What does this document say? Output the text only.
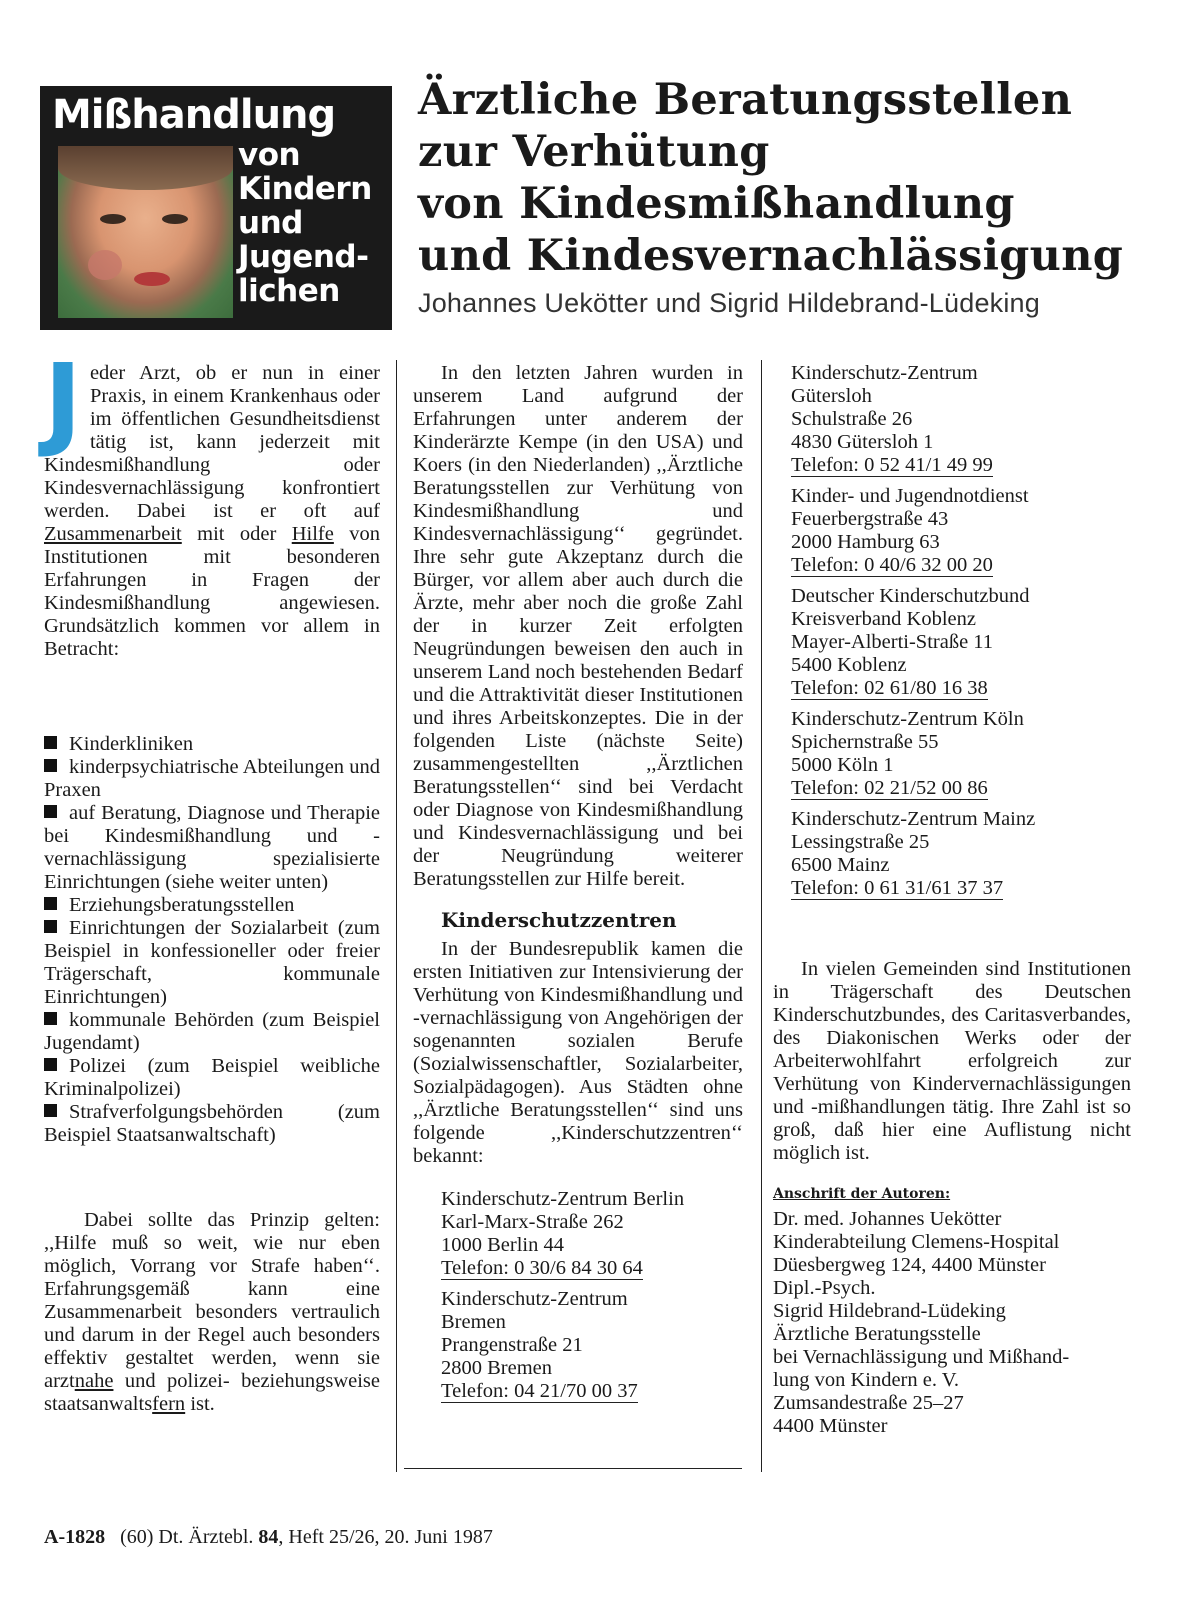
Mißhandlung
von
Kindern
und
Jugend-
lichen
Ärztliche Beratungsstellen
zur Verhütung
von Kindesmißhandlung
und Kindesvernachlässigung
Johannes Uekötter und Sigrid Hildebrand-Lüdeking

Jeder Arzt, ob er nun in einer Praxis, in einem Krankenhaus oder im öffentlichen Gesundheitsdienst tätig ist, kann jederzeit mit Kindesmißhandlung oder Kindesvernachlässigung konfrontiert werden. Dabei ist er oft auf Zusammenarbeit mit oder Hilfe von Institutionen mit besonderen Erfahrungen in Fragen der Kindesmißhandlung angewiesen. Grundsätzlich kommen vor allem in Betracht:

Kinderkliniken
kinderpsychiatrische Abteilungen und Praxen
auf Beratung, Diagnose und Therapie bei Kindesmißhandlung und -vernachlässigung spezialisierte Einrichtungen (siehe weiter unten)
Erziehungsberatungsstellen
Einrichtungen der Sozialarbeit (zum Beispiel in konfessioneller oder freier Trägerschaft, kommunale Einrichtungen)
kommunale Behörden (zum Beispiel Jugendamt)
Polizei (zum Beispiel weibliche Kriminalpolizei)
Strafverfolgungsbehörden (zum Beispiel Staatsanwaltschaft)

Dabei sollte das Prinzip gelten: ,,Hilfe muß so weit, wie nur eben möglich, Vorrang vor Strafe haben‘‘. Erfahrungsgemäß kann eine Zusammenarbeit besonders vertraulich und darum in der Regel auch besonders effektiv gestaltet werden, wenn sie arztnahe und polizei- beziehungsweise staatsanwaltsfern ist.

In den letzten Jahren wurden in unserem Land aufgrund der Erfahrungen unter anderem der Kinderärzte Kempe (in den USA) und Koers (in den Niederlanden) ,,Ärztliche Beratungsstellen zur Verhütung von Kindesmißhandlung und Kindesvernachlässigung‘‘ gegründet. Ihre sehr gute Akzeptanz durch die Bürger, vor allem aber auch durch die Ärzte, mehr aber noch die große Zahl der in kurzer Zeit erfolgten Neugründungen beweisen den auch in unserem Land noch bestehenden Bedarf und die Attraktivität dieser Institutionen und ihres Arbeitskonzeptes. Die in der folgenden Liste (nächste Seite) zusammengestellten ,,Ärztlichen Beratungsstellen‘‘ sind bei Verdacht oder Diagnose von Kindesmißhandlung und Kindesvernachlässigung und bei der Neugründung weiterer Beratungsstellen zur Hilfe bereit.

Kinderschutzzentren

In der Bundesrepublik kamen die ersten Initiativen zur Intensivierung der Verhütung von Kindesmißhandlung und -vernachlässigung von Angehörigen der sogenannten sozialen Berufe (Sozialwissenschaftler, Sozialarbeiter, Sozialpädagogen). Aus Städten ohne ,,Ärztliche Beratungsstellen‘‘ sind uns folgende ,,Kinderschutzzentren‘‘ bekannt:

Kinderschutz-Zentrum Berlin
Karl-Marx-Straße 262
1000 Berlin 44
Telefon: 0 30/6 84 30 64
Kinderschutz-Zentrum
Bremen
Prangenstraße 21
2800 Bremen
Telefon: 04 21/70 00 37
Kinderschutz-Zentrum
Gütersloh
Schulstraße 26
4830 Gütersloh 1
Telefon: 0 52 41/1 49 99
Kinder- und Jugendnotdienst
Feuerbergstraße 43
2000 Hamburg 63
Telefon: 0 40/6 32 00 20
Deutscher Kinderschutzbund
Kreisverband Koblenz
Mayer-Alberti-Straße 11
5400 Koblenz
Telefon: 02 61/80 16 38
Kinderschutz-Zentrum Köln
Spichernstraße 55
5000 Köln 1
Telefon: 02 21/52 00 86
Kinderschutz-Zentrum Mainz
Lessingstraße 25
6500 Mainz
Telefon: 0 61 31/61 37 37

In vielen Gemeinden sind Institutionen in Trägerschaft des Deutschen Kinderschutzbundes, des Caritasverbandes, des Diakonischen Werks oder der Arbeiterwohlfahrt erfolgreich zur Verhütung von Kindervernachlässigungen und -mißhandlungen tätig. Ihre Zahl ist so groß, daß hier eine Auflistung nicht möglich ist.

Anschrift der Autoren:
Dr. med. Johannes Uekötter
Kinderabteilung Clemens-Hospital
Düesbergweg 124, 4400 Münster
Dipl.-Psych.
Sigrid Hildebrand-Lüdeking
Ärztliche Beratungsstelle
bei Vernachlässigung und Mißhand-
lung von Kindern e. V.
Zumsandestraße 25–27
4400 Münster
A-1828 (60) Dt. Ärztebl. 84, Heft 25/26, 20. Juni 1987
